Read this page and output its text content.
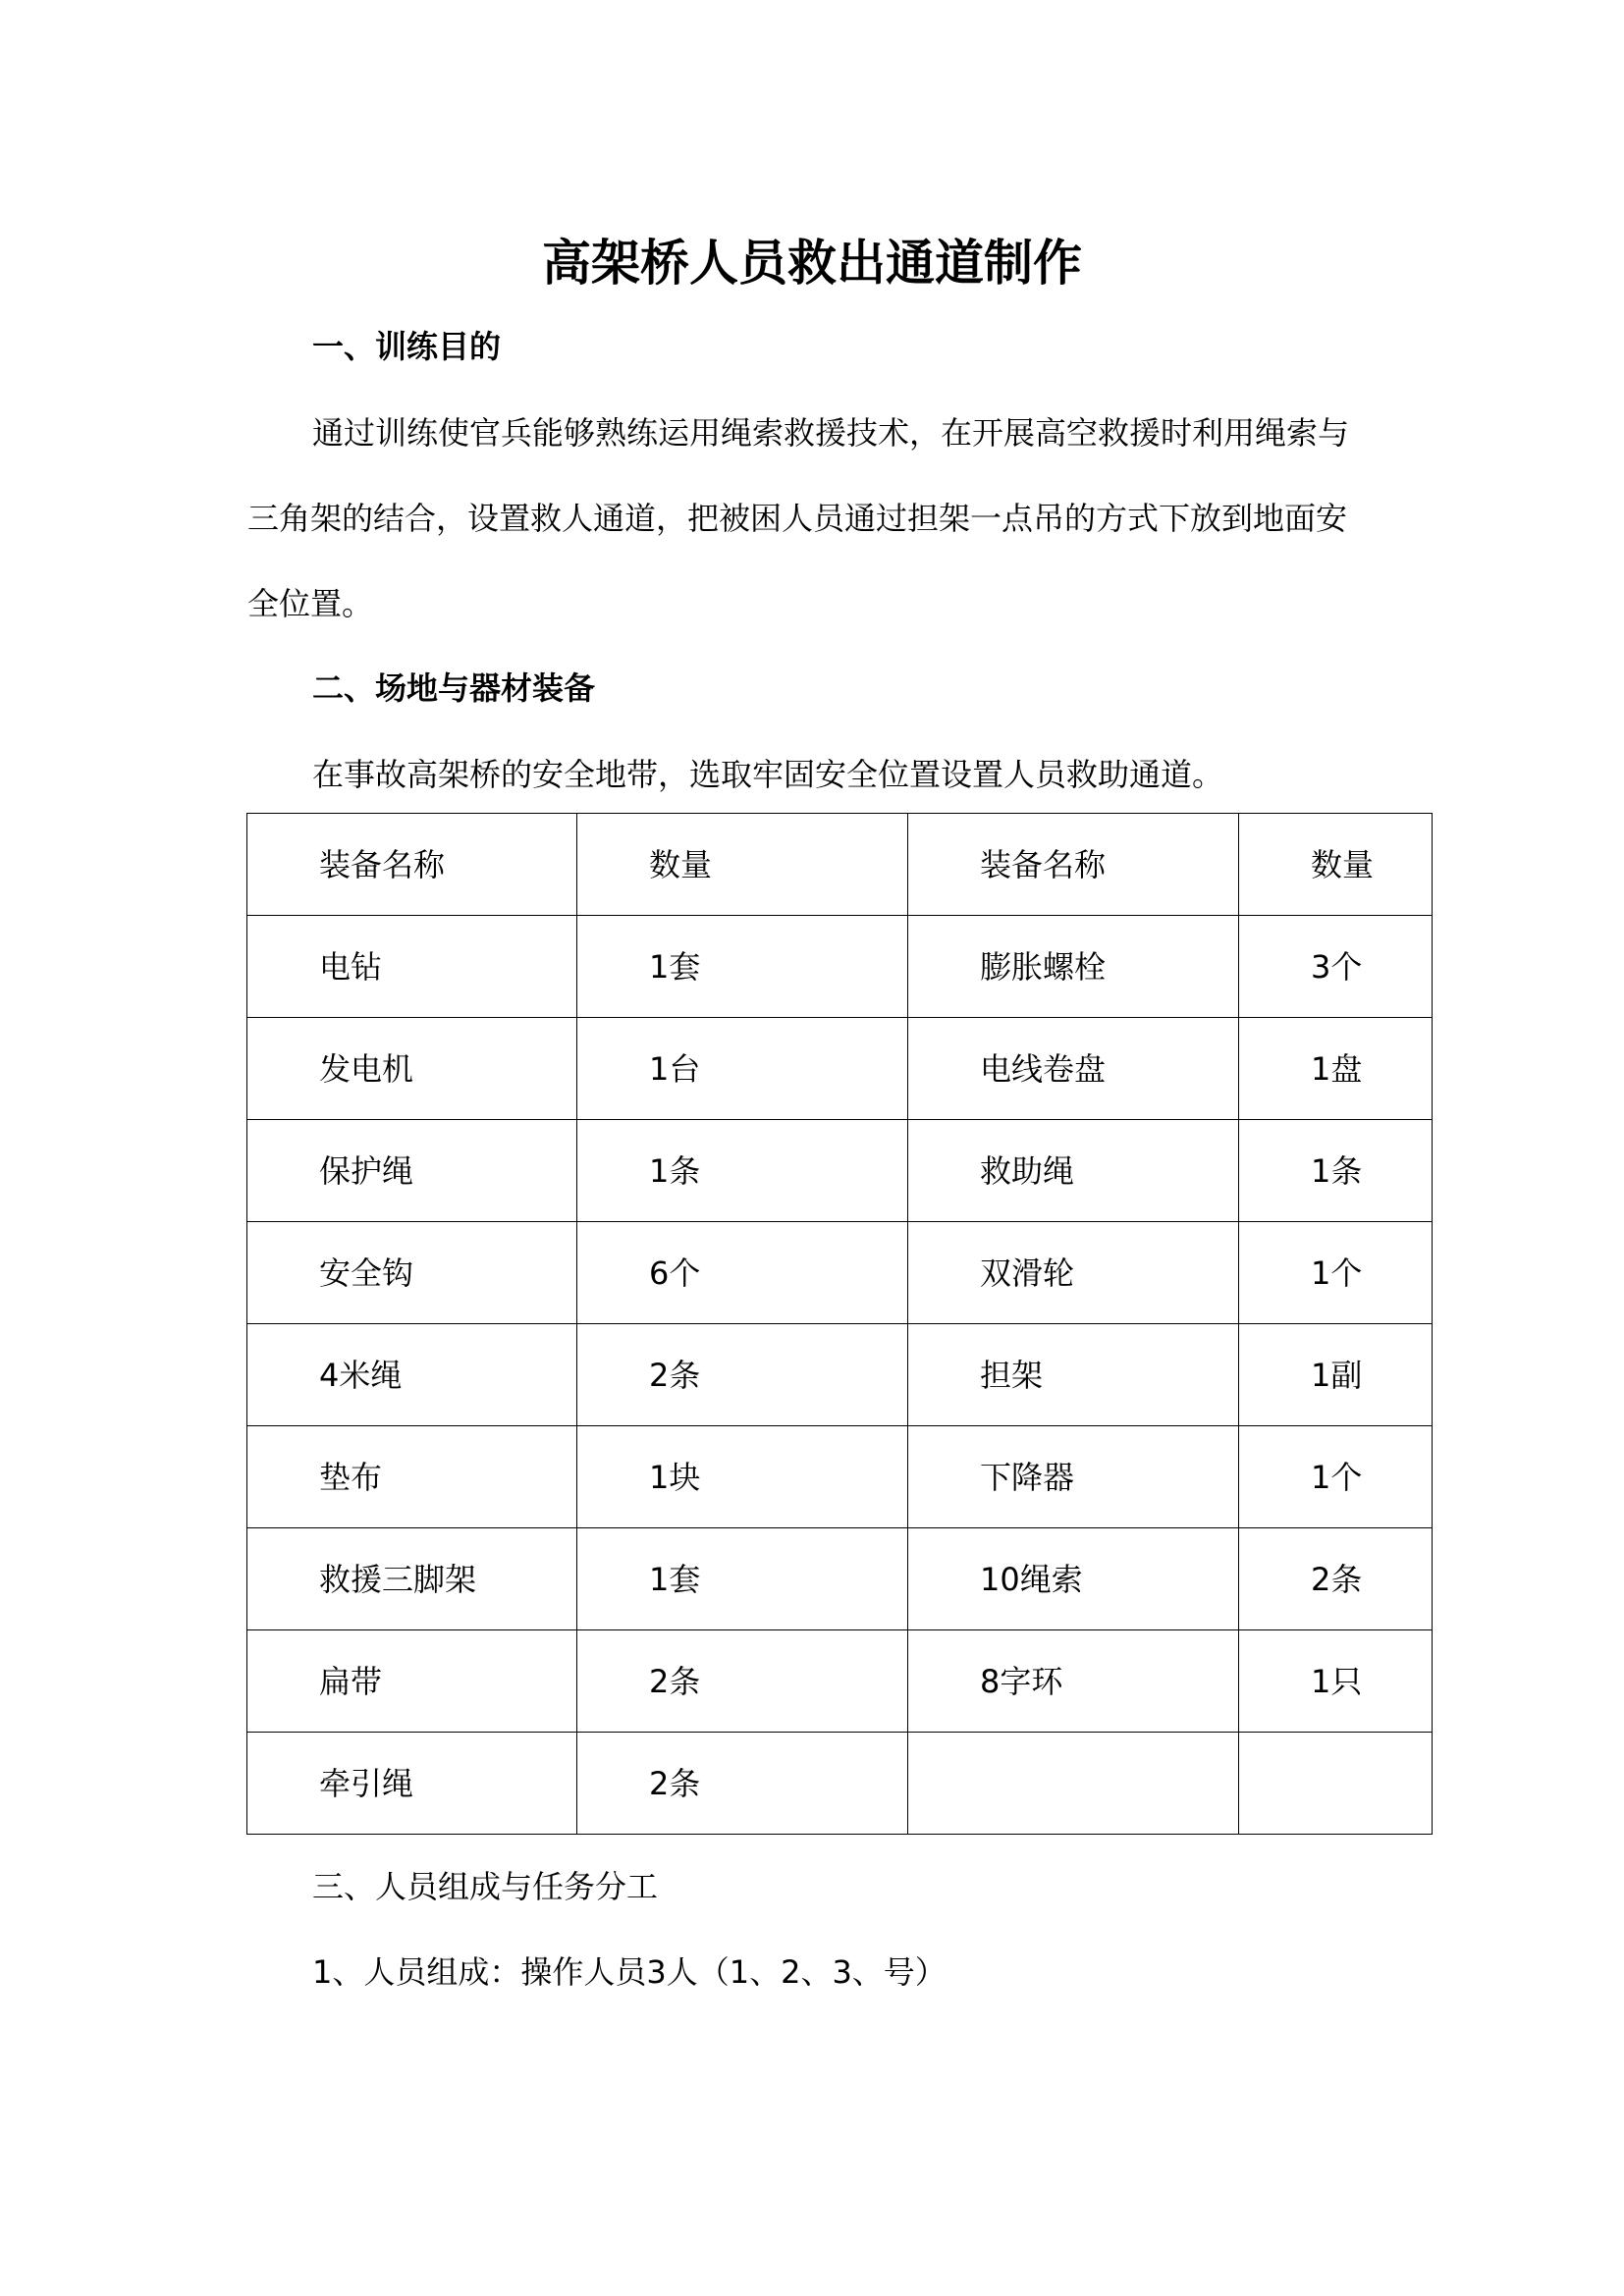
高架桥人员救出通道制作
一、训练目的
通过训练使官兵能够熟练运用绳索救援技术，在开展高空救援时利用绳索与
三角架的结合，设置救人通道，把被困人员通过担架一点吊的方式下放到地面安
全位置。
二、场地与器材装备
在事故高架桥的安全地带，选取牢固安全位置设置人员救助通道。
装备名称	数量	装备名称	数量
电钻	1套	膨胀螺栓	3个
发电机	1台	电线卷盘	1盘
保护绳	1条	救助绳	1条
安全钩	6个	双滑轮	1个
4米绳	2条	担架	1副
垫布	1块	下降器	1个
救援三脚架	1套	10绳索	2条
扁带	2条	8字环	1只
牵引绳	2条		
三、人员组成与任务分工
1、人员组成：操作人员3人（1、2、3、号）
